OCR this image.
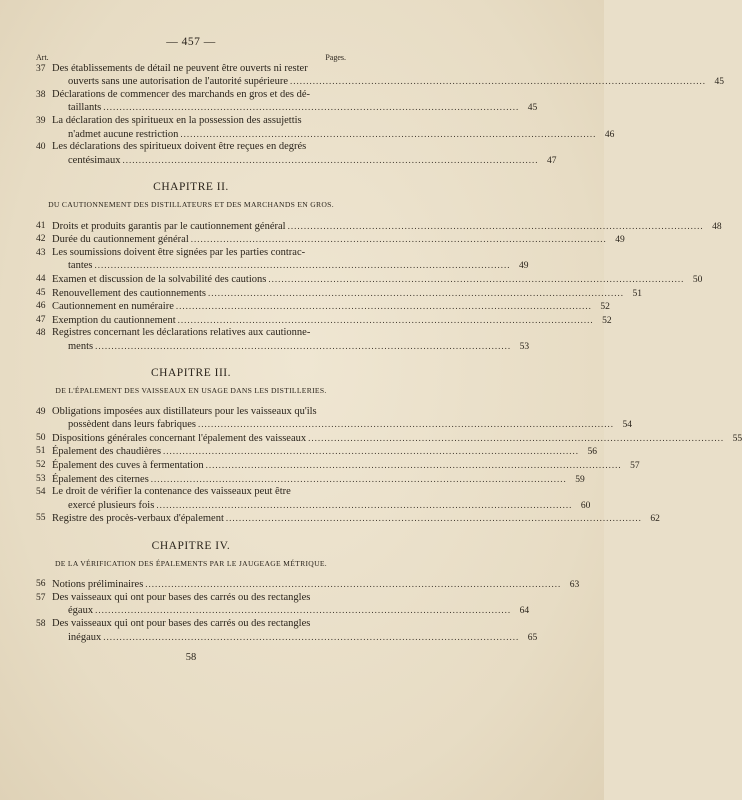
— 457 —
Art.	Pages.
37 Des établissements de détail ne peuvent être ouverts ni rester
ouverts sans une autorisation de l'autorité supérieure .....	45
38 Déclarations de commencer des marchands en gros et des dé-
taillants .....	45
39 La déclaration des spiritueux en la possession des assujettis
n'admet aucune restriction .....	46
40 Les déclarations des spiritueux doivent être reçues en degrés
centésimaux .....	47
CHAPITRE II.
DU CAUTIONNEMENT DES DISTILLATEURS ET DES MARCHANDS EN GROS.
41 Droits et produits garantis par le cautionnement général .....	48
42 Durée du cautionnement général .....	49
43 Les soumissions doivent être signées par les parties contrac-
tantes .....	49
44 Examen et discussion de la solvabilité des cautions .....	50
45 Renouvellement des cautionnements .....	51
46 Cautionnement en numéraire .....	52
47 Exemption du cautionnement .....	52
48 Registres concernant les déclarations relatives aux cautionne-
ments .....	53
CHAPITRE III.
DE L'ÉPALEMENT DES VAISSEAUX EN USAGE DANS LES DISTILLERIES.
49 Obligations imposées aux distillateurs pour les vaisseaux qu'ils
possèdent dans leurs fabriques .....	54
50 Dispositions générales concernant l'épalement des vaisseaux .....	55
51 Épalement des chaudières .....	56
52 Épalement des cuves à fermentation .....	57
53 Épalement des citernes .....	59
54 Le droit de vérifier la contenance des vaisseaux peut être
exercé plusieurs fois .....	60
55 Registre des procès-verbaux d'épalement .....	62
CHAPITRE IV.
DE LA VÉRIFICATION DES ÉPALEMENTS PAR LE JAUGEAGE MÉTRIQUE.
56 Notions préliminaires .....	63
57 Des vaisseaux qui ont pour bases des carrés ou des rectangles
égaux .....	64
58 Des vaisseaux qui ont pour bases des carrés ou des rectangles
inégaux .....	65
58
